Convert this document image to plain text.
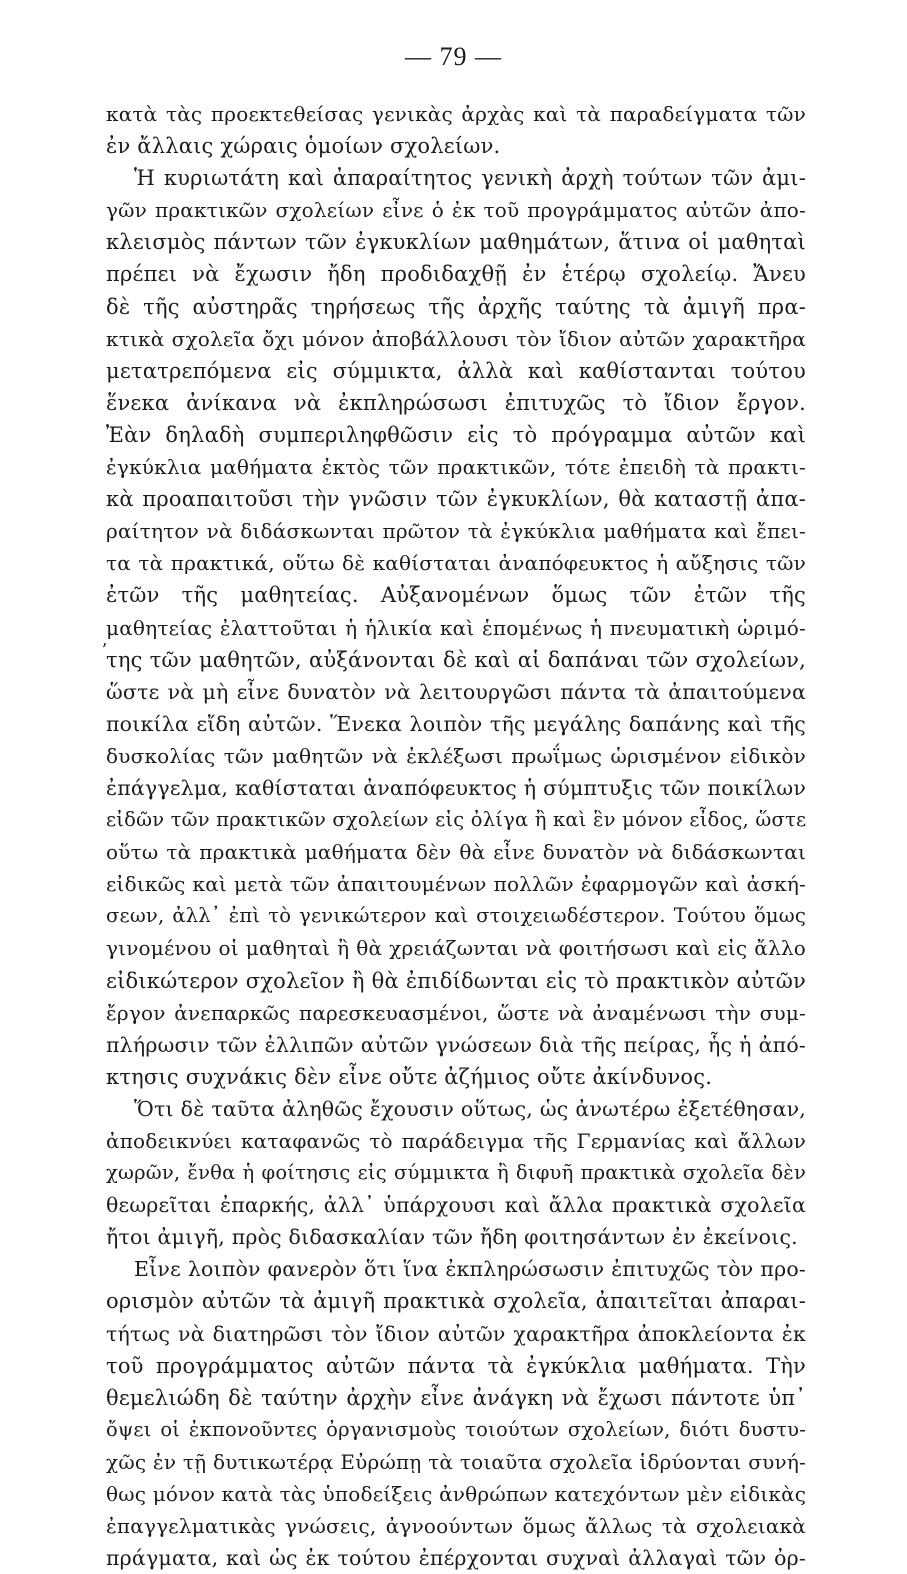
— 79 —
ʼ
κατὰ τὰς προεκτεθείσας γενικὰς ἀρχὰς καὶ τὰ παραδείγματα τῶν
ἐν ἄλλαις χώραις ὁμοίων σχολείων.
Ἡ κυριωτάτη καὶ ἀπαραίτητος γενικὴ ἀρχὴ τούτων τῶν ἀμι-
γῶν πρακτικῶν σχολείων εἶνε ὁ ἐκ τοῦ προγράμματος αὐτῶν ἀπο-
κλεισμὸς πάντων τῶν ἐγκυκλίων μαθημάτων, ἅτινα οἱ μαθηταὶ
πρέπει νὰ ἔχωσιν ἤδη προδιδαχθῇ ἐν ἑτέρῳ σχολείῳ. Ἄνευ
δὲ τῆς αὐστηρᾶς τηρήσεως τῆς ἀρχῆς ταύτης τὰ ἀμιγῆ πρα-
κτικὰ σχολεῖα ὄχι μόνον ἀποβάλλουσι τὸν ἴδιον αὐτῶν χαρακτῆρα
μετατρεπόμενα εἰς σύμμικτα, ἀλλὰ καὶ καθίστανται τούτου
ἕνεκα ἀνίκανα νὰ ἐκπληρώσωσι ἐπιτυχῶς τὸ ἴδιον ἔργον.
Ἐὰν δηλαδὴ συμπεριληφθῶσιν εἰς τὸ πρόγραμμα αὐτῶν καὶ
ἐγκύκλια μαθήματα ἐκτὸς τῶν πρακτικῶν, τότε ἐπειδὴ τὰ πρακτι-
κὰ προαπαιτοῦσι τὴν γνῶσιν τῶν ἐγκυκλίων, θὰ καταστῇ ἀπα-
ραίτητον νὰ διδάσκωνται πρῶτον τὰ ἐγκύκλια μαθήματα καὶ ἔπει-
τα τὰ πρακτικά, οὕτω δὲ καθίσταται ἀναπόφευκτος ἡ αὔξησις τῶν
ἐτῶν τῆς μαθητείας. Αὐξανομένων ὅμως τῶν ἐτῶν τῆς
μαθητείας ἐλαττοῦται ἡ ἡλικία καὶ ἑπομένως ἡ πνευματικὴ ὡριμό-
της τῶν μαθητῶν, αὐξάνονται δὲ καὶ αἱ δαπάναι τῶν σχολείων,
ὥστε νὰ μὴ εἶνε δυνατὸν νὰ λειτουργῶσι πάντα τὰ ἀπαιτούμενα
ποικίλα εἴδη αὐτῶν. Ἕνεκα λοιπὸν τῆς μεγάλης δαπάνης καὶ τῆς
δυσκολίας τῶν μαθητῶν νὰ ἐκλέξωσι πρωΐμως ὡρισμένον εἰδικὸν
ἐπάγγελμα, καθίσταται ἀναπόφευκτος ἡ σύμπτυξις τῶν ποικίλων
εἰδῶν τῶν πρακτικῶν σχολείων εἰς ὀλίγα ἢ καὶ ἓν μόνον εἶδος, ὥστε
οὕτω τὰ πρακτικὰ μαθήματα δὲν θὰ εἶνε δυνατὸν νὰ διδάσκωνται
εἰδικῶς καὶ μετὰ τῶν ἀπαιτουμένων πολλῶν ἐφαρμογῶν καὶ ἀσκή-
σεων, ἀλλ᾽ ἐπὶ τὸ γενικώτερον καὶ στοιχειωδέστερον. Τούτου ὅμως
γινομένου οἱ μαθηταὶ ἢ θὰ χρειάζωνται νὰ φοιτήσωσι καὶ εἰς ἄλλο
εἰδικώτερον σχολεῖον ἢ θὰ ἐπιδίδωνται εἰς τὸ πρακτικὸν αὐτῶν
ἔργον ἀνεπαρκῶς παρεσκευασμένοι, ὥστε νὰ ἀναμένωσι τὴν συμ-
πλήρωσιν τῶν ἐλλιπῶν αὐτῶν γνώσεων διὰ τῆς πείρας, ἧς ἡ ἀπό-
κτησις συχνάκις δὲν εἶνε οὔτε ἀζήμιος οὔτε ἀκίνδυνος.
Ὅτι δὲ ταῦτα ἀληθῶς ἔχουσιν οὕτως, ὡς ἀνωτέρω ἐξετέθησαν,
ἀποδεικνύει καταφανῶς τὸ παράδειγμα τῆς Γερμανίας καὶ ἄλλων
χωρῶν, ἔνθα ἡ φοίτησις εἰς σύμμικτα ἢ διφυῆ πρακτικὰ σχολεῖα δὲν
θεωρεῖται ἐπαρκής, ἀλλ᾽ ὑπάρχουσι καὶ ἄλλα πρακτικὰ σχολεῖα
ἤτοι ἀμιγῆ, πρὸς διδασκαλίαν τῶν ἤδη φοιτησάντων ἐν ἐκείνοις.
Εἶνε λοιπὸν φανερὸν ὅτι ἵνα ἐκπληρώσωσιν ἐπιτυχῶς τὸν προ-
ορισμὸν αὐτῶν τὰ ἀμιγῆ πρακτικὰ σχολεῖα, ἀπαιτεῖται ἀπαραι-
τήτως νὰ διατηρῶσι τὸν ἴδιον αὐτῶν χαρακτῆρα ἀποκλείοντα ἐκ
τοῦ προγράμματος αὐτῶν πάντα τὰ ἐγκύκλια μαθήματα. Τὴν
θεμελιώδη δὲ ταύτην ἀρχὴν εἶνε ἀνάγκη νὰ ἔχωσι πάντοτε ὑπ᾽
ὄψει οἱ ἐκπονοῦντες ὀργανισμοὺς τοιούτων σχολείων, διότι δυστυ-
χῶς ἐν τῇ δυτικωτέρᾳ Εὐρώπῃ τὰ τοιαῦτα σχολεῖα ἱδρύονται συνή-
θως μόνον κατὰ τὰς ὑποδείξεις ἀνθρώπων κατεχόντων μὲν εἰδικὰς
ἐπαγγελματικὰς γνώσεις, ἀγνοούντων ὅμως ἄλλως τὰ σχολειακὰ
πράγματα, καὶ ὡς ἐκ τούτου ἐπέρχονται συχναὶ ἀλλαγαὶ τῶν ὀρ-
